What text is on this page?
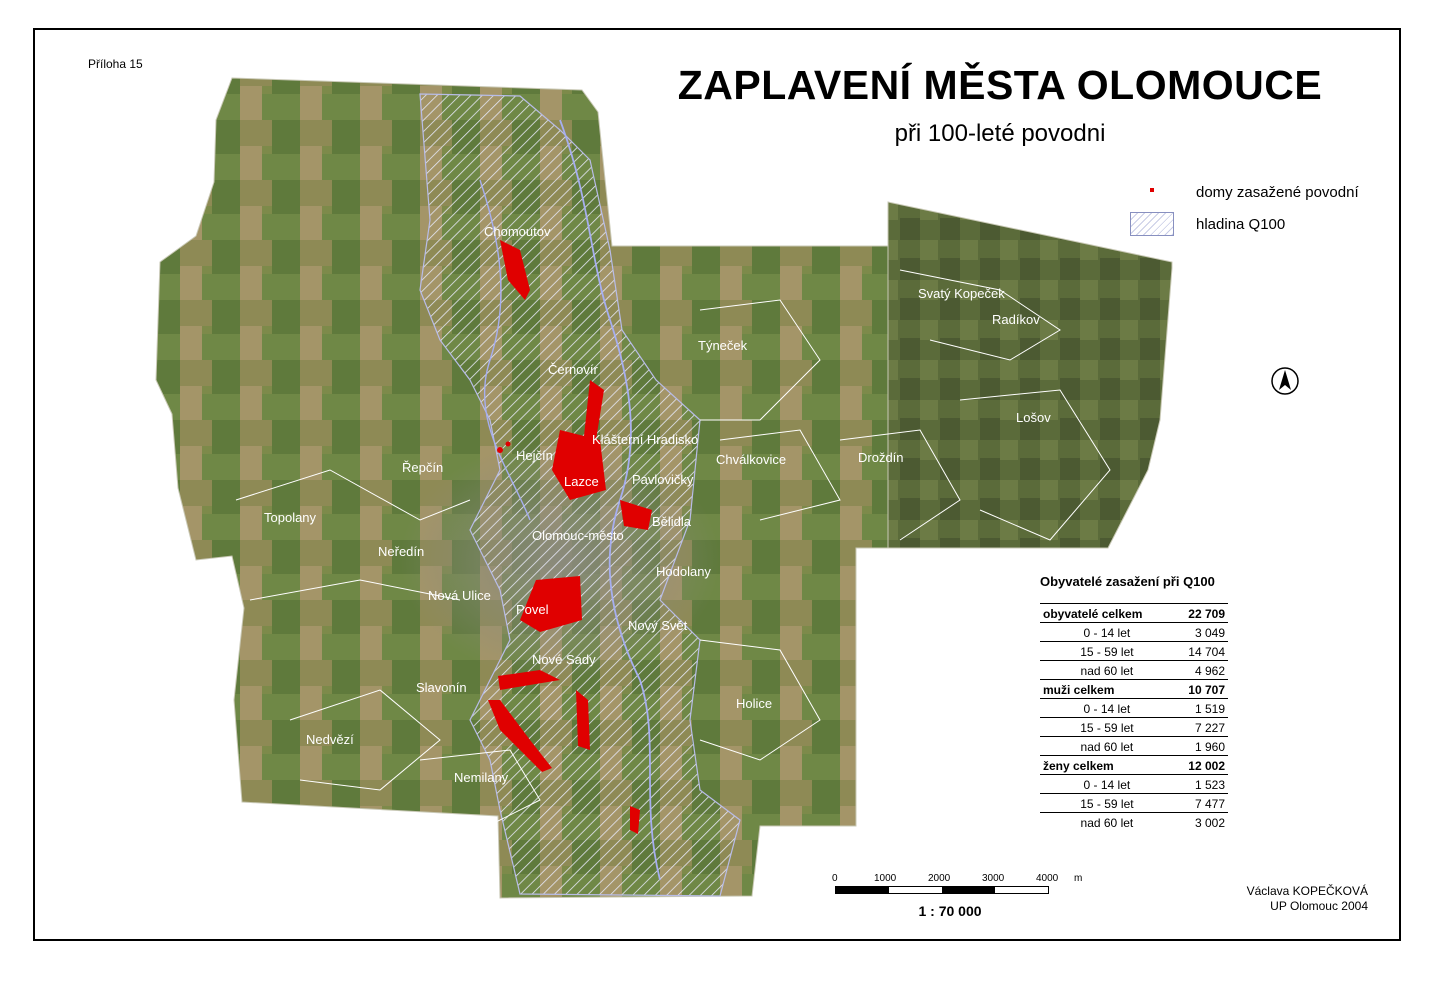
Chomoutov
Černovír
Týneček
Svatý Kopeček
Radíkov
Lošov
Klášterní Hradisko
Hejčín
Řepčín
Lazce	Pavlovičky
Chválkovice	Droždín
Topolany	Bělidla
Olomouc-město
Neředín
Hodolany
Nová Ulice
Povel
Nový Svět
Nové Sady
Slavonín
Holice
Nedvězí
Nemilany
Příloha 15	ZAPLAVENÍ MĚSTA OLOMOUCE
při 100-leté povodni
domy zasažené povodní
hladina Q100
Obyvatelé zasažení při Q100
obyvatelé celkem	22 709
0 - 14 let	3 049
15 - 59 let	14 704
nad 60 let	4 962
muži celkem	10 707
0 - 14 let	1 519
15 - 59 let	7 227
nad 60 let	1 960
ženy celkem	12 002
0 - 14 let	1 523
15 - 59 let	7 477
nad 60 let	3 002
0	1000	2000	3000	4000 m
1 : 70 000
Václava KOPEČKOVÁ
UP Olomouc 2004
